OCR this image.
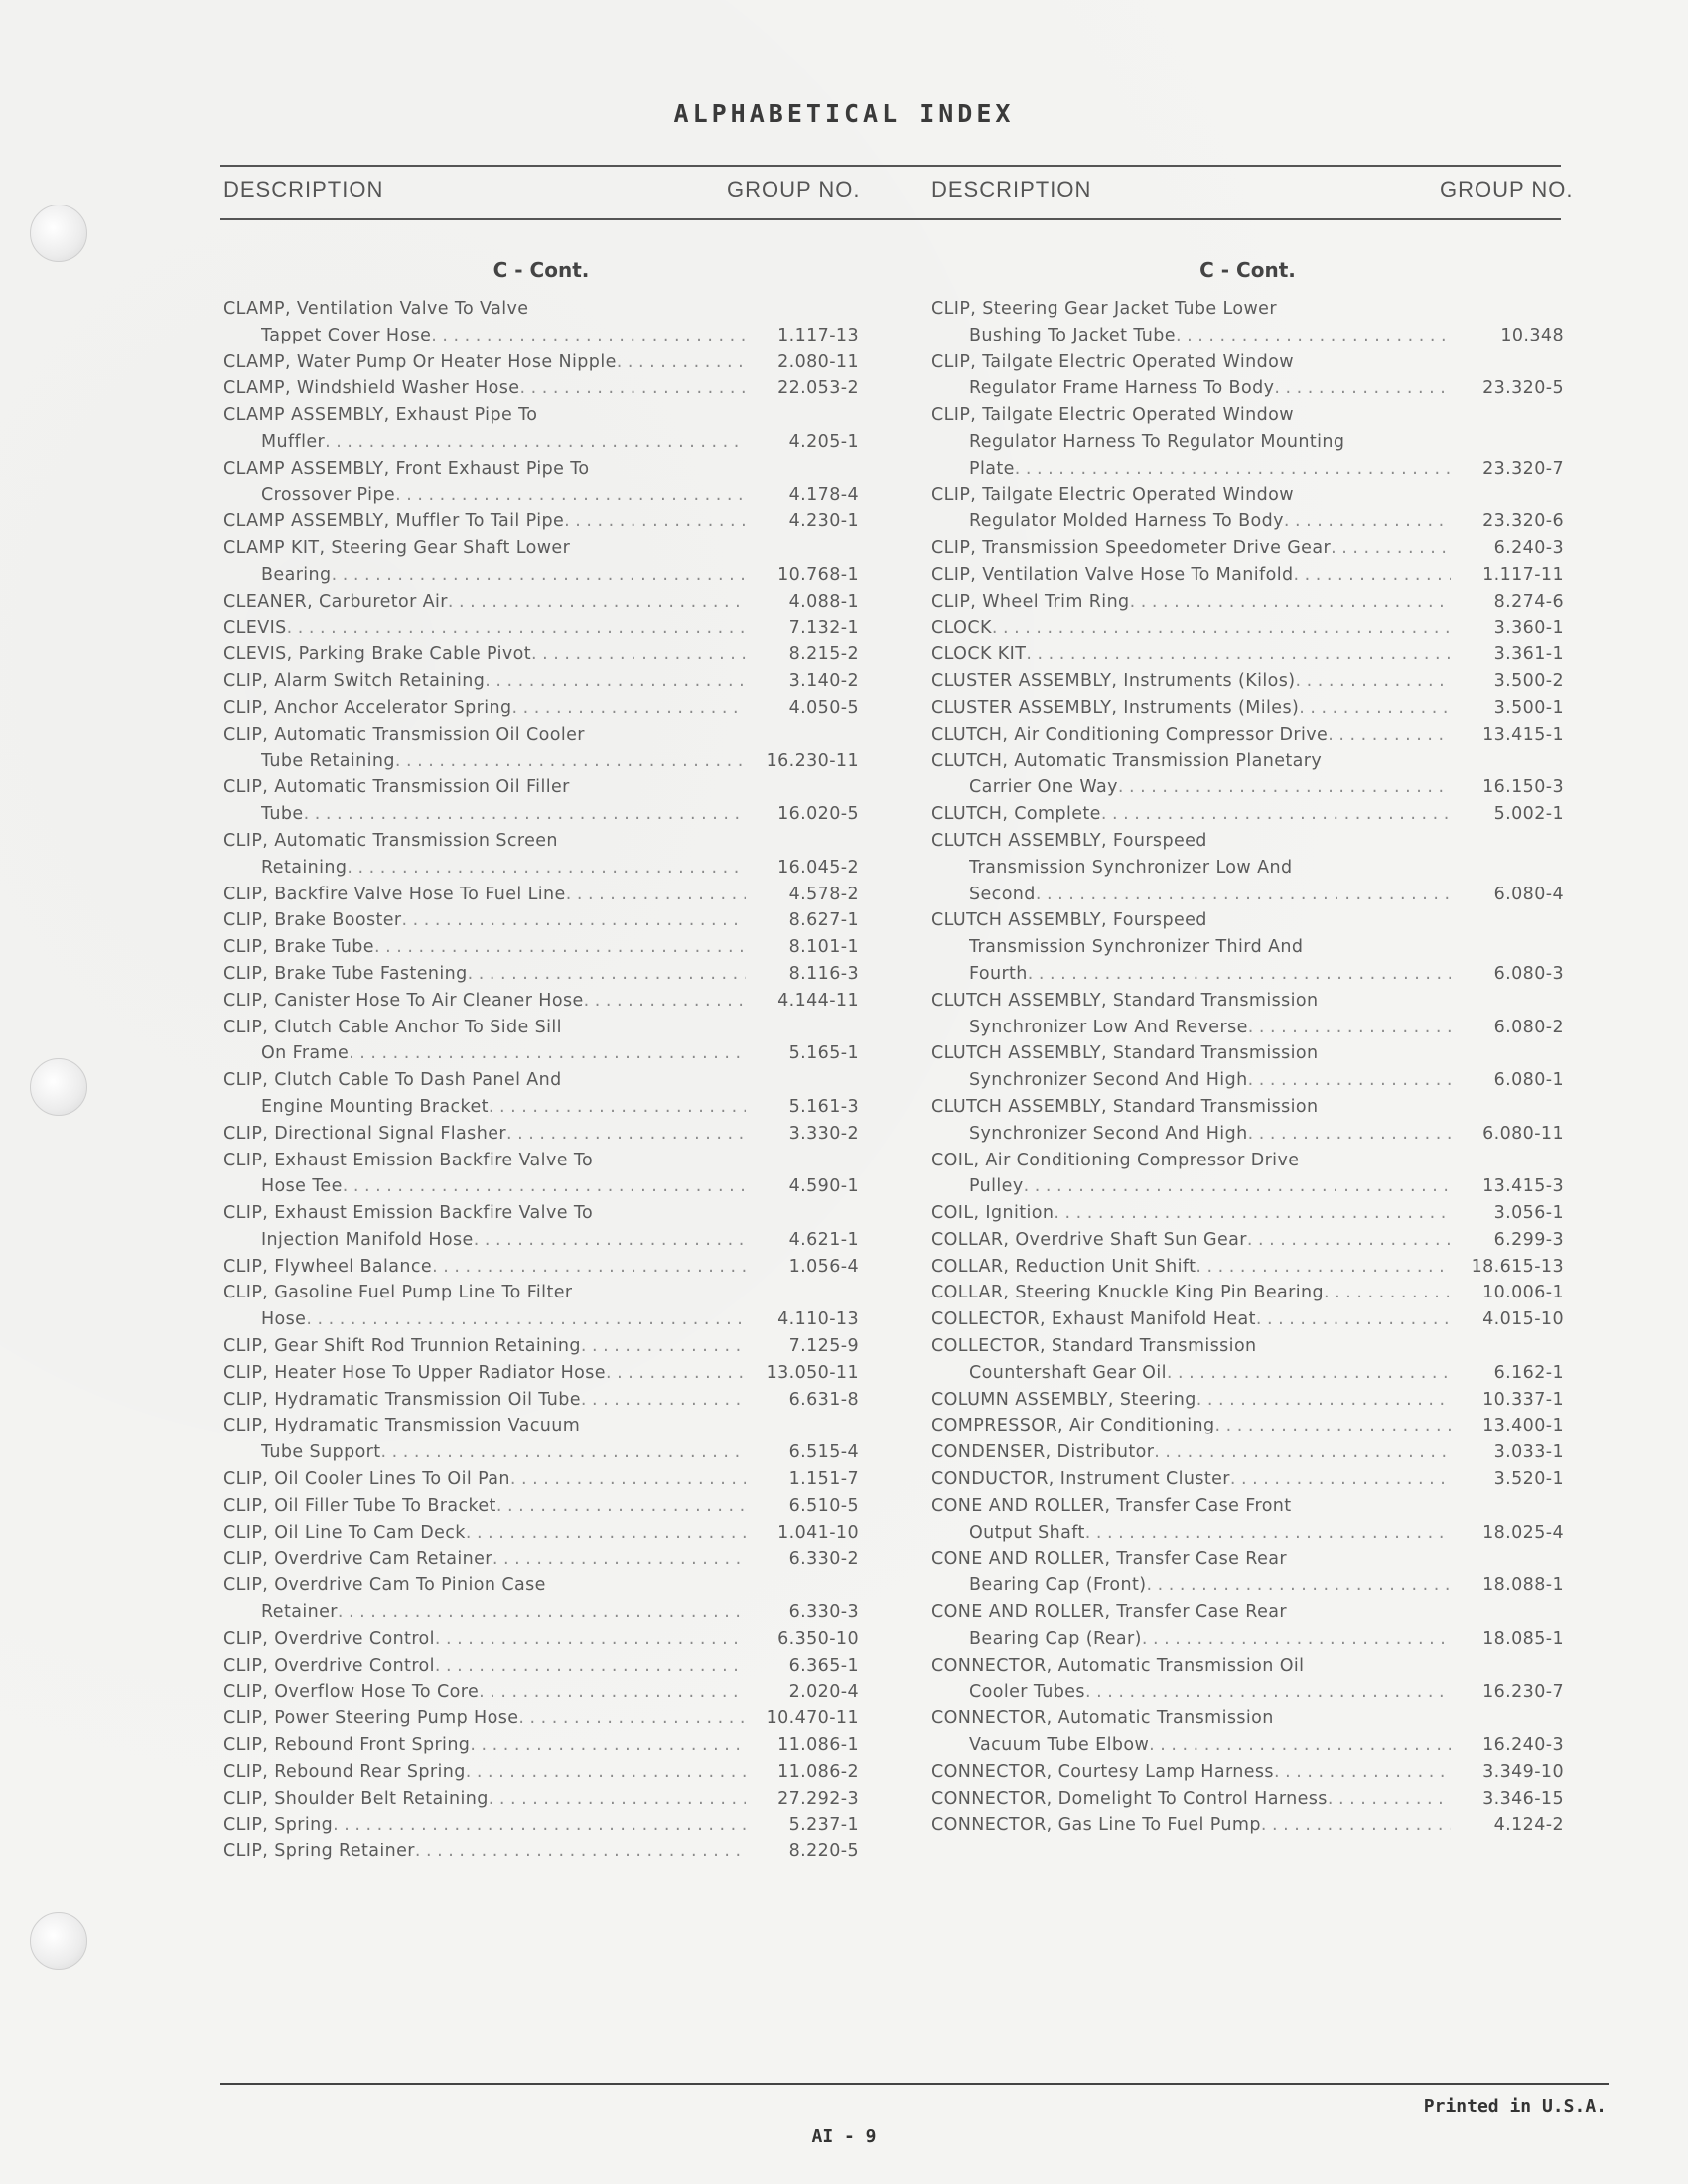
ALPHABETICAL INDEX
DESCRIPTION	GROUP NO.	DESCRIPTION	GROUP NO.
C - Cont.
CLAMP, Ventilation Valve To Valve
Tappet Cover Hose . . .	1.117-13
CLAMP, Water Pump Or Heater Hose Nipple . . .	2.080-11
CLAMP, Windshield Washer Hose . . .	22.053-2
CLAMP ASSEMBLY, Exhaust Pipe To
Muffler . . .	4.205-1
CLAMP ASSEMBLY, Front Exhaust Pipe To
Crossover Pipe . . .	4.178-4
CLAMP ASSEMBLY, Muffler To Tail Pipe . . .	4.230-1
CLAMP KIT, Steering Gear Shaft Lower
Bearing . . .	10.768-1
CLEANER, Carburetor Air . . .	4.088-1
CLEVIS . . .	7.132-1
CLEVIS, Parking Brake Cable Pivot . . .	8.215-2
CLIP, Alarm Switch Retaining . . .	3.140-2
CLIP, Anchor Accelerator Spring . . .	4.050-5
CLIP, Automatic Transmission Oil Cooler
Tube Retaining . . .	16.230-11
CLIP, Automatic Transmission Oil Filler
Tube . . .	16.020-5
CLIP, Automatic Transmission Screen
Retaining . . .	16.045-2
CLIP, Backfire Valve Hose To Fuel Line . . .	4.578-2
CLIP, Brake Booster . . .	8.627-1
CLIP, Brake Tube . . .	8.101-1
CLIP, Brake Tube Fastening . . .	8.116-3
CLIP, Canister Hose To Air Cleaner Hose . . .	4.144-11
CLIP, Clutch Cable Anchor To Side Sill
On Frame . . .	5.165-1
CLIP, Clutch Cable To Dash Panel And
Engine Mounting Bracket . . .	5.161-3
CLIP, Directional Signal Flasher . . .	3.330-2
CLIP, Exhaust Emission Backfire Valve To
Hose Tee . . .	4.590-1
CLIP, Exhaust Emission Backfire Valve To
Injection Manifold Hose . . .	4.621-1
CLIP, Flywheel Balance . . .	1.056-4
CLIP, Gasoline Fuel Pump Line To Filter
Hose . . .	4.110-13
CLIP, Gear Shift Rod Trunnion Retaining . . .	7.125-9
CLIP, Heater Hose To Upper Radiator Hose . . .	13.050-11
CLIP, Hydramatic Transmission Oil Tube . . .	6.631-8
CLIP, Hydramatic Transmission Vacuum
Tube Support . . .	6.515-4
CLIP, Oil Cooler Lines To Oil Pan . . .	1.151-7
CLIP, Oil Filler Tube To Bracket . . .	6.510-5
CLIP, Oil Line To Cam Deck . . .	1.041-10
CLIP, Overdrive Cam Retainer . . .	6.330-2
CLIP, Overdrive Cam To Pinion Case
Retainer . . .	6.330-3
CLIP, Overdrive Control . . .	6.350-10
CLIP, Overdrive Control . . .	6.365-1
CLIP, Overflow Hose To Core . . .	2.020-4
CLIP, Power Steering Pump Hose . . .	10.470-11
CLIP, Rebound Front Spring . . .	11.086-1
CLIP, Rebound Rear Spring . . .	11.086-2
CLIP, Shoulder Belt Retaining . . .	27.292-3
CLIP, Spring . . .	5.237-1
CLIP, Spring Retainer . . .	8.220-5
C - Cont.
CLIP, Steering Gear Jacket Tube Lower
Bushing To Jacket Tube . . .	10.348
CLIP, Tailgate Electric Operated Window
Regulator Frame Harness To Body . . .	23.320-5
CLIP, Tailgate Electric Operated Window
Regulator Harness To Regulator Mounting
Plate . . .	23.320-7
CLIP, Tailgate Electric Operated Window
Regulator Molded Harness To Body . . .	23.320-6
CLIP, Transmission Speedometer Drive Gear . . .	6.240-3
CLIP, Ventilation Valve Hose To Manifold . . .	1.117-11
CLIP, Wheel Trim Ring . . .	8.274-6
CLOCK . . .	3.360-1
CLOCK KIT . . .	3.361-1
CLUSTER ASSEMBLY, Instruments (Kilos) . . .	3.500-2
CLUSTER ASSEMBLY, Instruments (Miles) . . .	3.500-1
CLUTCH, Air Conditioning Compressor Drive . . .	13.415-1
CLUTCH, Automatic Transmission Planetary
Carrier One Way . . .	16.150-3
CLUTCH, Complete . . .	5.002-1
CLUTCH ASSEMBLY, Fourspeed
Transmission Synchronizer Low And
Second . . .	6.080-4
CLUTCH ASSEMBLY, Fourspeed
Transmission Synchronizer Third And
Fourth . . .	6.080-3
CLUTCH ASSEMBLY, Standard Transmission
Synchronizer Low And Reverse . . .	6.080-2
CLUTCH ASSEMBLY, Standard Transmission
Synchronizer Second And High . . .	6.080-1
CLUTCH ASSEMBLY, Standard Transmission
Synchronizer Second And High . . .	6.080-11
COIL, Air Conditioning Compressor Drive
Pulley . . .	13.415-3
COIL, Ignition . . .	3.056-1
COLLAR, Overdrive Shaft Sun Gear . . .	6.299-3
COLLAR, Reduction Unit Shift . . .	18.615-13
COLLAR, Steering Knuckle King Pin Bearing . . .	10.006-1
COLLECTOR, Exhaust Manifold Heat . . .	4.015-10
COLLECTOR, Standard Transmission
Countershaft Gear Oil . . .	6.162-1
COLUMN ASSEMBLY, Steering . . .	10.337-1
COMPRESSOR, Air Conditioning . . .	13.400-1
CONDENSER, Distributor . . .	3.033-1
CONDUCTOR, Instrument Cluster . . .	3.520-1
CONE AND ROLLER, Transfer Case Front
Output Shaft . . .	18.025-4
CONE AND ROLLER, Transfer Case Rear
Bearing Cap (Front) . . .	18.088-1
CONE AND ROLLER, Transfer Case Rear
Bearing Cap (Rear) . . .	18.085-1
CONNECTOR, Automatic Transmission Oil
Cooler Tubes . . .	16.230-7
CONNECTOR, Automatic Transmission
Vacuum Tube Elbow . . .	16.240-3
CONNECTOR, Courtesy Lamp Harness . . .	3.349-10
CONNECTOR, Domelight To Control Harness . . .	3.346-15
CONNECTOR, Gas Line To Fuel Pump . . .	4.124-2
Printed in U.S.A.
AI - 9
